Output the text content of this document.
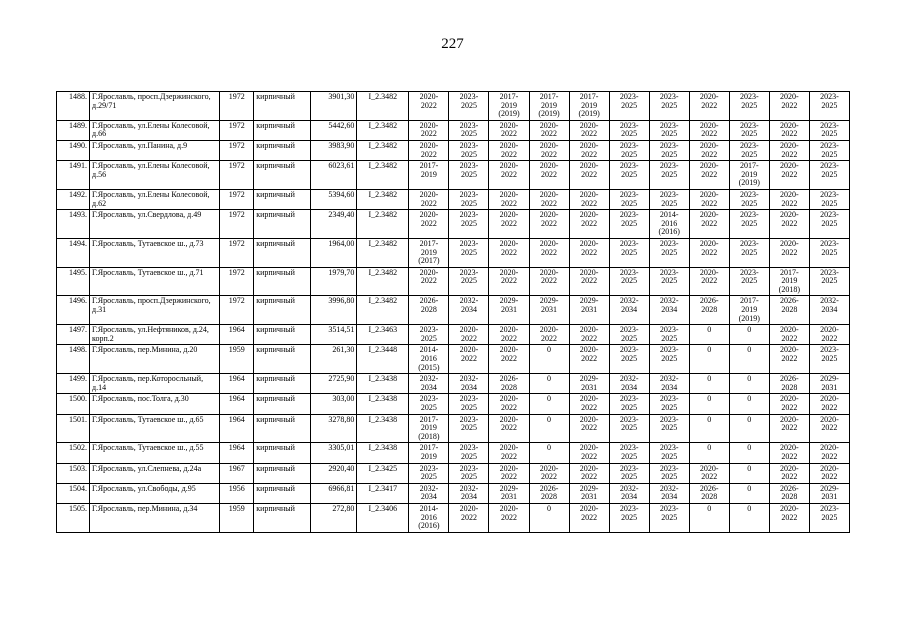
227
1488.	Г.Ярославль, просп.Дзержинского, д.29/71	1972	кирпичный	3901,30	I_2.3482	2020-
2022	2023-
2025	2017-
2019
(2019)	2017-
2019
(2019)	2017-
2019
(2019)	2023-
2025	2023-
2025	2020-
2022	2023-
2025	2020-
2022	2023-
2025
1489.	Г.Ярославль, ул.Елены Колесовой, д.66	1972	кирпичный	5442,60	I_2.3482	2020-
2022	2023-
2025	2020-
2022	2020-
2022	2020-
2022	2023-
2025	2023-
2025	2020-
2022	2023-
2025	2020-
2022	2023-
2025
1490.	Г.Ярославль, ул.Панина, д.9	1972	кирпичный	3983,90	I_2.3482	2020-
2022	2023-
2025	2020-
2022	2020-
2022	2020-
2022	2023-
2025	2023-
2025	2020-
2022	2023-
2025	2020-
2022	2023-
2025
1491.	Г.Ярославль, ул.Елены Колесовой, д.56	1972	кирпичный	6023,61	I_2.3482	2017-
2019	2023-
2025	2020-
2022	2020-
2022	2020-
2022	2023-
2025	2023-
2025	2020-
2022	2017-
2019
(2019)	2020-
2022	2023-
2025
1492.	Г.Ярославль, ул.Елены Колесовой, д.62	1972	кирпичный	5394,60	I_2.3482	2020-
2022	2023-
2025	2020-
2022	2020-
2022	2020-
2022	2023-
2025	2023-
2025	2020-
2022	2023-
2025	2020-
2022	2023-
2025
1493.	Г.Ярославль, ул.Свердлова, д.49	1972	кирпичный	2349,40	I_2.3482	2020-
2022	2023-
2025	2020-
2022	2020-
2022	2020-
2022	2023-
2025	2014-
2016
(2016)	2020-
2022	2023-
2025	2020-
2022	2023-
2025
1494.	Г.Ярославль, Тутаевское ш., д.73	1972	кирпичный	1964,00	I_2.3482	2017-
2019
(2017)	2023-
2025	2020-
2022	2020-
2022	2020-
2022	2023-
2025	2023-
2025	2020-
2022	2023-
2025	2020-
2022	2023-
2025
1495.	Г.Ярославль, Тутаевское ш., д.71	1972	кирпичный	1979,70	I_2.3482	2020-
2022	2023-
2025	2020-
2022	2020-
2022	2020-
2022	2023-
2025	2023-
2025	2020-
2022	2023-
2025	2017-
2019
(2018)	2023-
2025
1496.	Г.Ярославль, просп.Дзержинского, д.31	1972	кирпичный	3996,80	I_2.3482	2026-
2028	2032-
2034	2029-
2031	2029-
2031	2029-
2031	2032-
2034	2032-
2034	2026-
2028	2017-
2019
(2019)	2026-
2028	2032-
2034
1497.	Г.Ярославль, ул.Нефтяников, д.24, корп.2	1964	кирпичный	3514,51	I_2.3463	2023-
2025	2020-
2022	2020-
2022	2020-
2022	2020-
2022	2023-
2025	2023-
2025	0	0	2020-
2022	2020-
2022
1498.	Г.Ярославль, пер.Минина, д.20	1959	кирпичный	261,30	I_2.3448	2014-
2016
(2015)	2020-
2022	2020-
2022	0	2020-
2022	2023-
2025	2023-
2025	0	0	2020-
2022	2023-
2025
1499.	Г.Ярославль, пер.Которосльный, д.14	1964	кирпичный	2725,90	I_2.3438	2032-
2034	2032-
2034	2026-
2028	0	2029-
2031	2032-
2034	2032-
2034	0	0	2026-
2028	2029-
2031
1500.	Г.Ярославль, пос.Толга, д.30	1964	кирпичный	303,00	I_2.3438	2023-
2025	2023-
2025	2020-
2022	0	2020-
2022	2023-
2025	2023-
2025	0	0	2020-
2022	2020-
2022
1501.	Г.Ярославль, Тутаевское ш., д.65	1964	кирпичный	3278,80	I_2.3438	2017-
2019
(2018)	2023-
2025	2020-
2022	0	2020-
2022	2023-
2025	2023-
2025	0	0	2020-
2022	2020-
2022
1502.	Г.Ярославль, Тутаевское ш., д.55	1964	кирпичный	3305,01	I_2.3438	2017-
2019	2023-
2025	2020-
2022	0	2020-
2022	2023-
2025	2023-
2025	0	0	2020-
2022	2020-
2022
1503.	Г.Ярославль, ул.Слепнева, д.24а	1967	кирпичный	2920,40	I_2.3425	2023-
2025	2023-
2025	2020-
2022	2020-
2022	2020-
2022	2023-
2025	2023-
2025	2020-
2022	0	2020-
2022	2020-
2022
1504.	Г.Ярославль, ул.Свободы, д.95	1956	кирпичный	6966,81	I_2.3417	2032-
2034	2032-
2034	2029-
2031	2026-
2028	2029-
2031	2032-
2034	2032-
2034	2026-
2028	0	2026-
2028	2029-
2031
1505.	Г.Ярославль, пер.Минина, д.34	1959	кирпичный	272,80	I_2.3406	2014-
2016
(2016)	2020-
2022	2020-
2022	0	2020-
2022	2023-
2025	2023-
2025	0	0	2020-
2022	2023-
2025
